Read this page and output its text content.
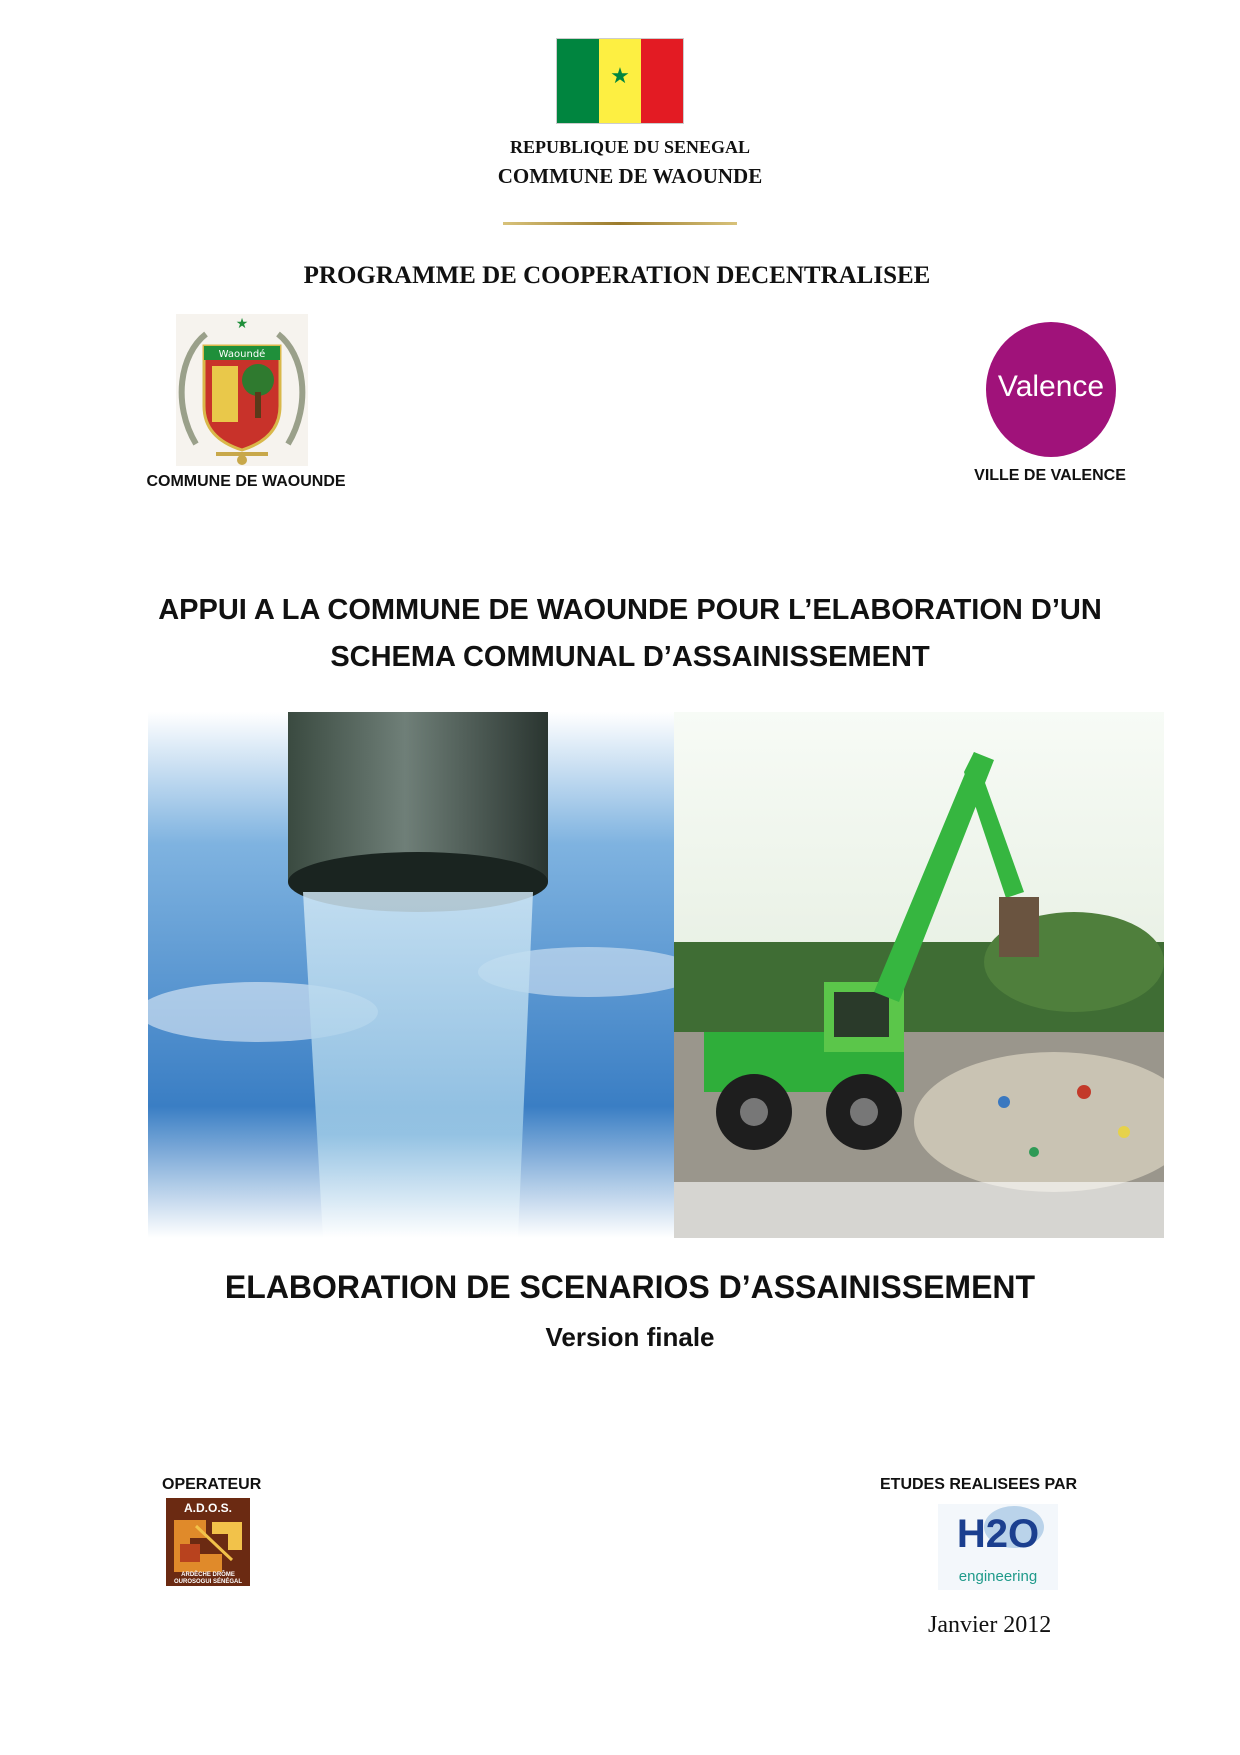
★
REPUBLIQUE DU SENEGAL
COMMUNE DE WAOUNDE
PROGRAMME DE COOPERATION DECENTRALISEE
★
Waoundé
COMMUNE DE WAOUNDE
Valence
VILLE DE VALENCE
APPUI A LA COMMUNE DE WAOUNDE POUR L’ELABORATION D’UN
SCHEMA COMMUNAL D’ASSAINISSEMENT
ELABORATION DE SCENARIOS D’ASSAINISSEMENT
Version finale
OPERATEUR
A.D.O.S.
ARDÈCHE DRÔME OUROSOGUI SÉNÉGAL
ETUDES REALISEES PAR
H2O
engineering
Janvier 2012
